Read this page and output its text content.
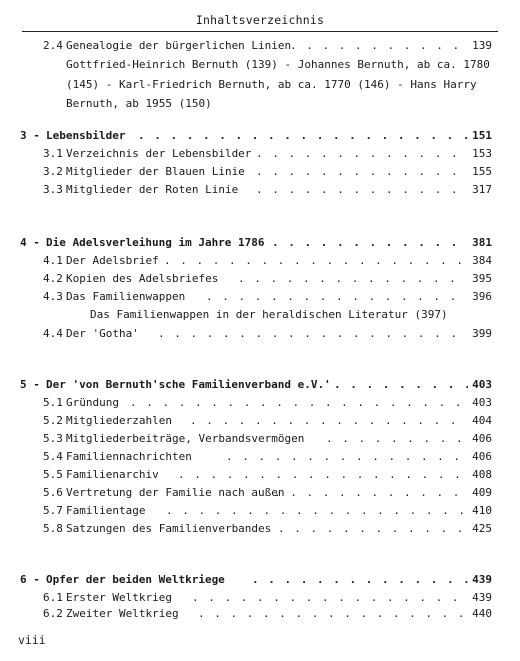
Inhaltsverzeichnis
2.4 Genealogie der bürgerlichen Linien . . .	139
Gottfried-Heinrich Bernuth (139) - Johannes Bernuth, ab ca. 1780
(145) - Karl-Friedrich Bernuth, ab ca. 1770 (146) - Hans Harry
Bernuth, ab 1955 (150)
3 - Lebensbilder . . .	151
3.1 Verzeichnis der Lebensbilder . . .	153
3.2 Mitglieder der Blauen Linie . . .	155
3.3 Mitglieder der Roten Linie . . .	317
4 - Die Adelsverleihung im Jahre 1786 . . .	381
4.1 Der Adelsbrief . . .	384
4.2 Kopien des Adelsbriefes . . .	395
4.3 Das Familienwappen . . .	396
Das Familienwappen in der heraldischen Literatur (397)
4.4 Der 'Gotha' . . .	399
5 - Der 'von Bernuth'sche Familienverband e.V.' . . .	403
5.1 Gründung . . .	403
5.2 Mitgliederzahlen . . .	404
5.3 Mitgliederbeiträge, Verbandsvermögen . . .	406
5.4 Familiennachrichten . . .	406
5.5 Familienarchiv . . .	408
5.6 Vertretung der Familie nach außen . . .	409
5.7 Familientage . . .	410
5.8 Satzungen des Familienverbandes . . .	425
6 - Opfer der beiden Weltkriege . . .	439
6.1 Erster Weltkrieg . . .	439
6.2 Zweiter Weltkrieg . . .	440
viii
